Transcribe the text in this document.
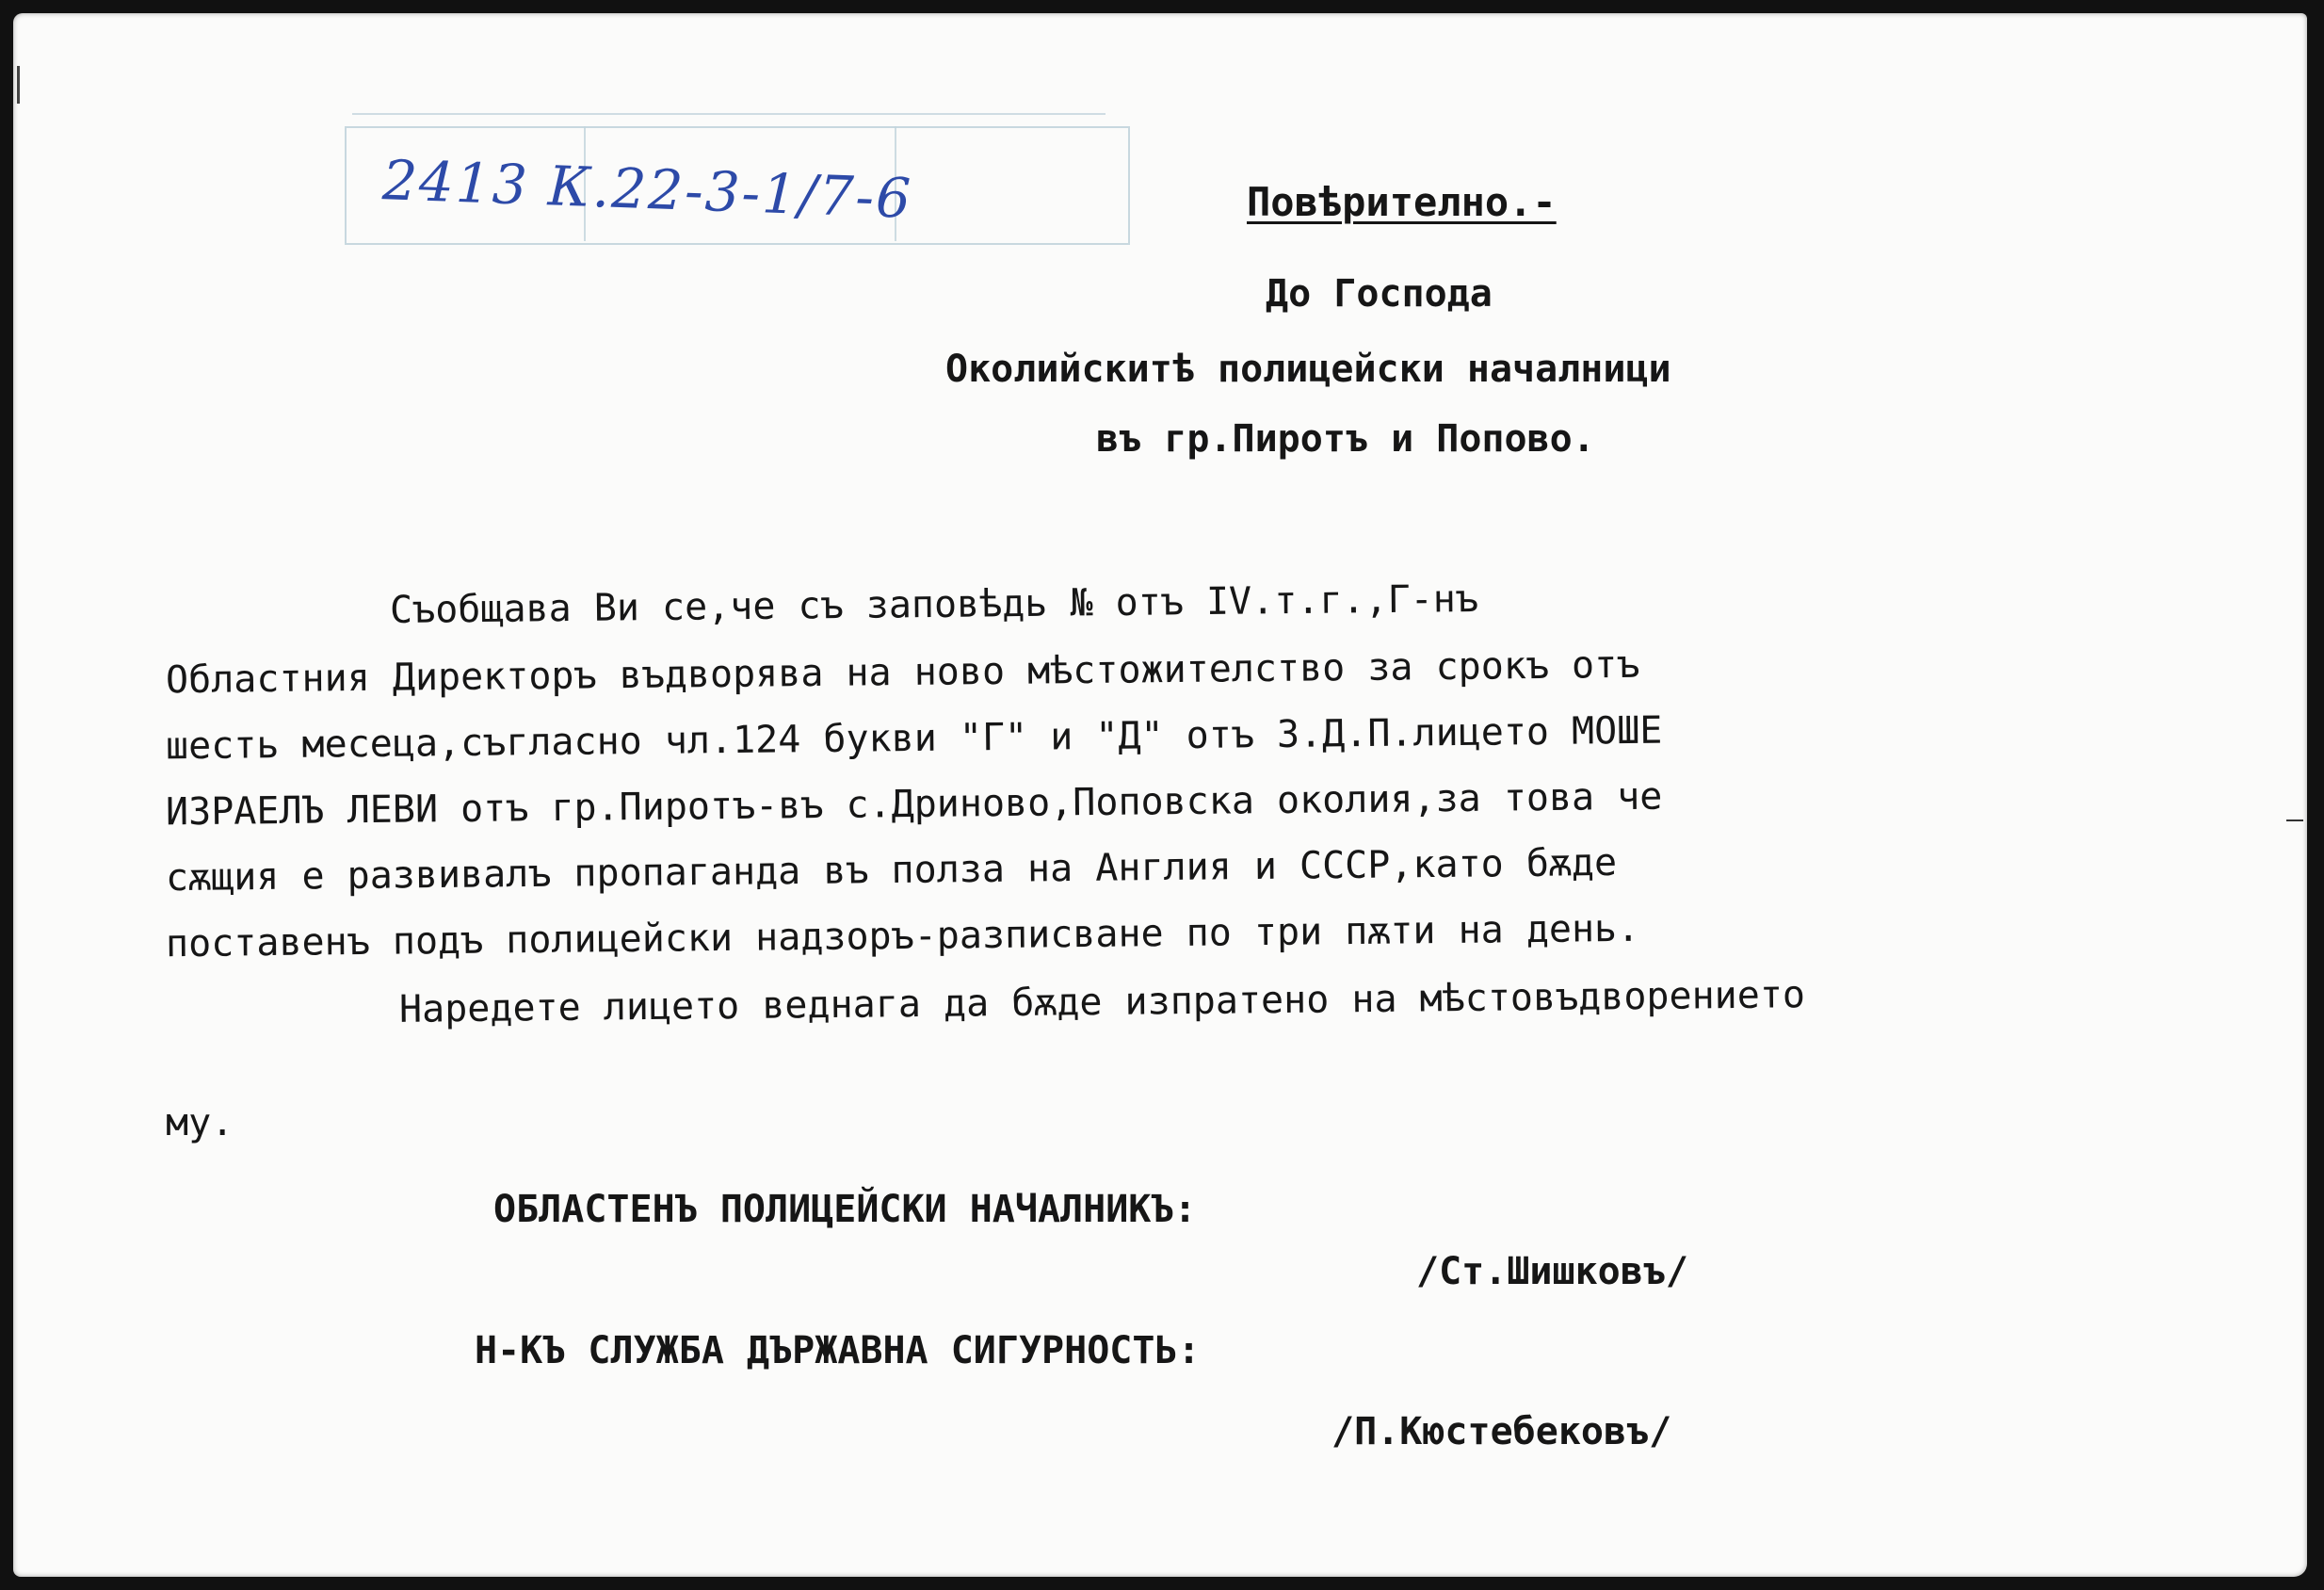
2413 К.22-3-1/7-6	Повѣрително.-
До Господа
Околийскитѣ полицейски началници
въ гр.Пиротъ и Попово.
Съобщава Ви се,че съ заповѣдь № отъ IV.т.г.,Г-нъ
Областния Директоръ въдворява на ново мѣстожителство за срокъ отъ
шесть месеца,съгласно чл.124 букви "Г" и "Д" отъ З.Д.П.лицето МОШЕ
ИЗРАЕЛЪ ЛЕВИ отъ гр.Пиротъ-въ с.Дриново,Поповска околия,за това че
сѫщия е развивалъ пропаганда въ полза на Англия и СССР,като бѫде
поставенъ подъ полицейски надзоръ-разписване по три пѫти на день.
Наредете лицето веднага да бѫде изпратено на мѣстовъдворението
му.
ОБЛАСТЕНЪ ПОЛИЦЕЙСКИ НАЧАЛНИКЪ:
/Ст.Шишковъ/
Н-КЪ СЛУЖБА ДЪРЖАВНА СИГУРНОСТЬ:
/П.Кюстебековъ/
